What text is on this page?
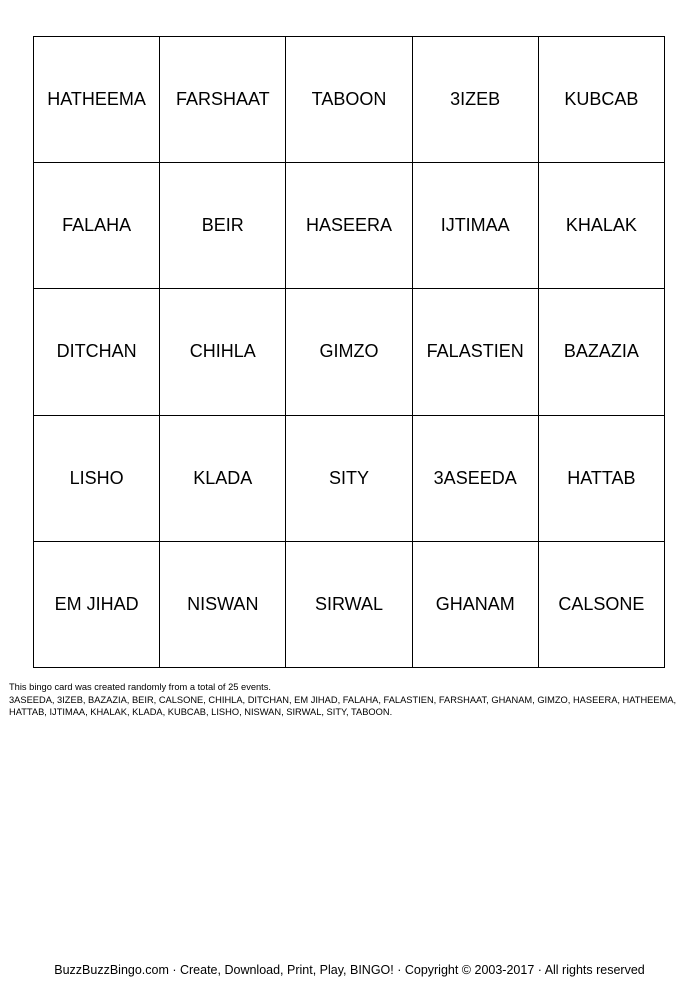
HATHEEMA	FARSHAAT	TABOON	3IZEB	KUBCAB
FALAHA	BEIR	HASEERA	IJTIMAA	KHALAK
DITCHAN	CHIHLA	GIMZO	FALASTIEN	BAZAZIA
LISHO	KLADA	SITY	3ASEEDA	HATTAB
EM JIHAD	NISWAN	SIRWAL	GHANAM	CALSONE

This bingo card was created randomly from a total of 25 events.

3ASEEDA, 3IZEB, BAZAZIA, BEIR, CALSONE, CHIHLA, DITCHAN, EM JIHAD, FALAHA, FALASTIEN, FARSHAAT, GHANAM, GIMZO, HASEERA, HATHEEMA, HATTAB, IJTIMAA, KHALAK, KLADA, KUBCAB, LISHO, NISWAN, SIRWAL, SITY, TABOON.

BuzzBuzzBingo.com · Create, Download, Print, Play, BINGO! · Copyright © 2003-2017 · All rights reserved
